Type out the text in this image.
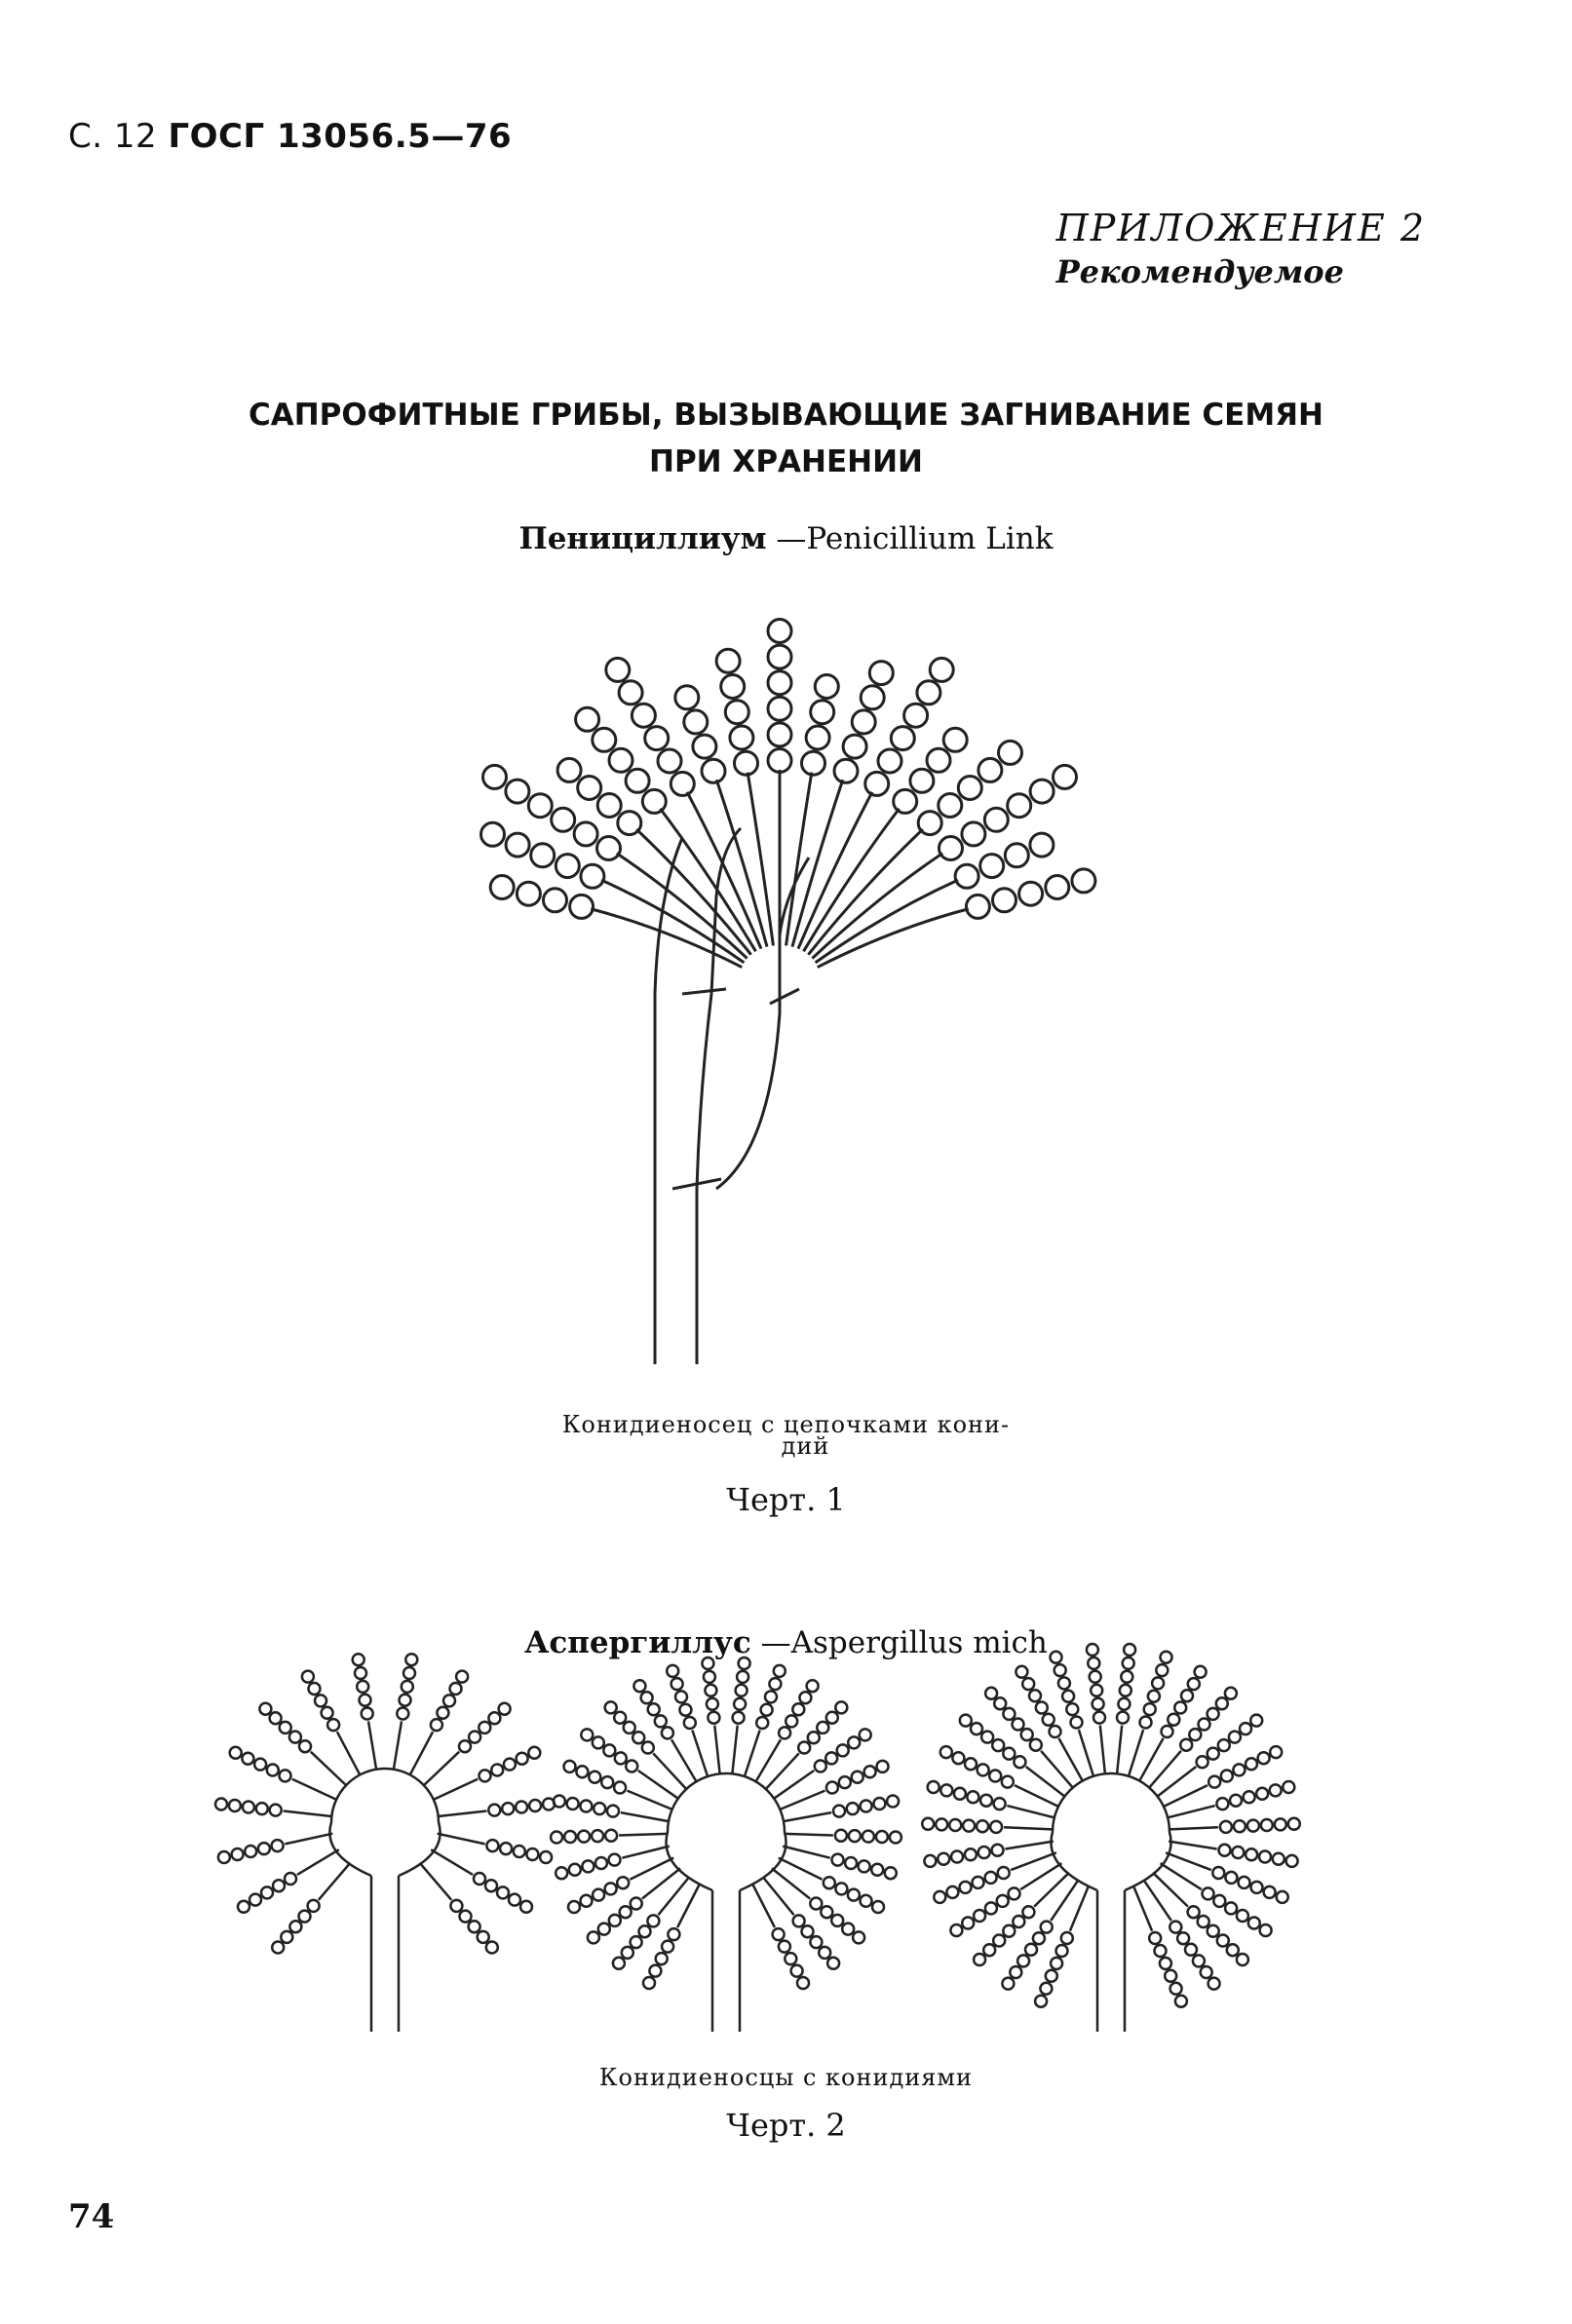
С. 12 ГОСГ 13056.5—76
ПРИЛОЖЕНИЕ 2
Рекомендуемое
САПРОФИТНЫЕ ГРИБЫ, ВЫЗЫВАЮЩИЕ ЗАГНИВАНИЕ СЕМЯН
ПРИ ХРАНЕНИИ
Пенициллиум —Penicillium Link
Конидиеносец с цепочками кони-
дий
Черт. 1
Аспергиллус —Aspergillus mich
Конидиеносцы с конидиями
Черт. 2
74
